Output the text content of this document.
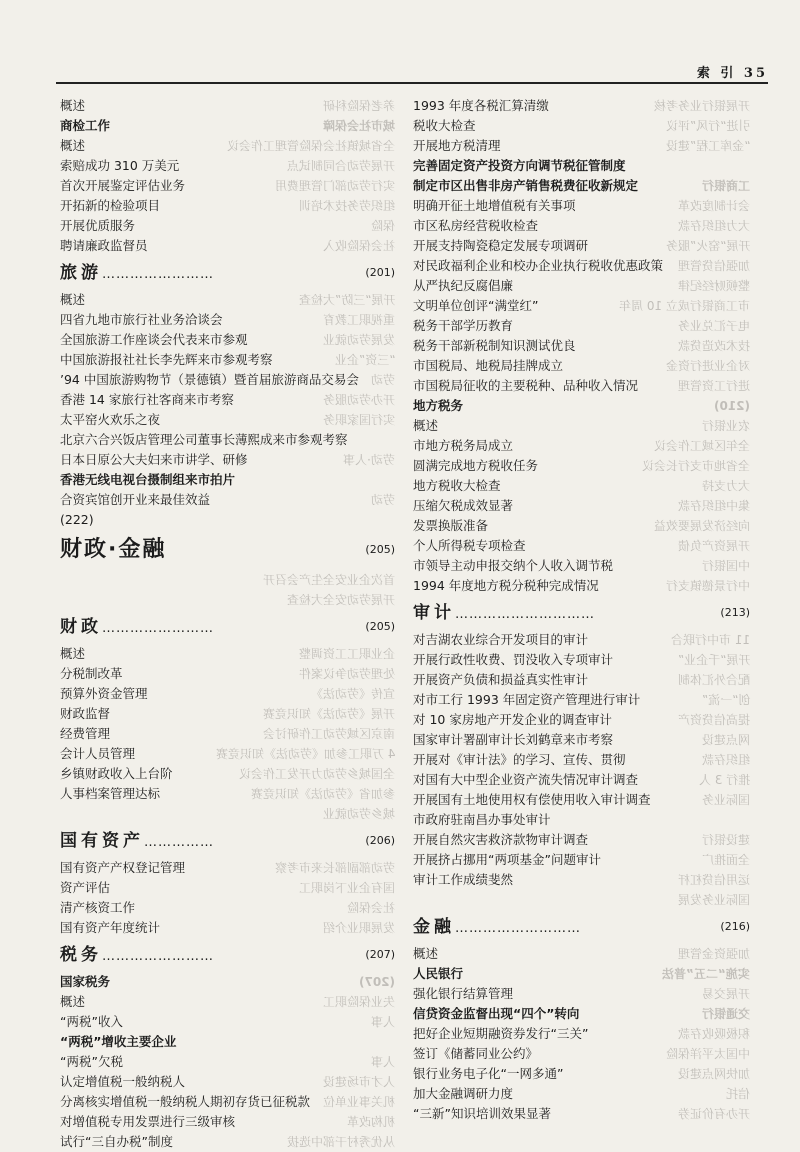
索 引 35
养老保险科研
概述
城市社会保障
商检工作
全省城镇社会保险管理工作会议
概述
开展劳动合同制试点
索赔成功 310 万美元
实行劳动部门管理费用
首次开展鉴定评估业务
组织劳务技术培训
开拓新的检验项目
保险
开展优质服务
社会保险收入
聘请廉政监督员
旅游……………………	(201)
开展“三防”大检查
概述
重视职工教育
四省九地市旅行社业务洽谈会
发展劳动就业
全国旅游工作座谈会代表来市参观
“三资”企业
中国旅游报社社长李先辉来市参观考察
劳动
’94 中国旅游购物节（景德镇）暨首届旅游商品交易会
开办劳动服务
香港 14 家旅行社客商来市考察
实行国家职务
太平窑火欢乐之夜
北京六合兴饭店管理公司董事长薄熙成来市参观考察
劳动·人事
日本日原公大夫妇来市讲学、研修
香港无线电视台摄制组来市拍片
劳动
合资宾馆创开业来最佳效益
(222)
财政·金融	(205)
首次企业安全生产会召开
开展劳动安全大检查
财政……………………	(205)
企业职工工资调整
概述
处理劳动争议案件
分税制改革
宣传《劳动法》
预算外资金管理
开展《劳动法》知识竞赛
财政监督
南京区域劳动工作研讨会
经费管理
4 万职工参加《劳动法》知识竞赛
会计人员管理
全国城乡劳动力开发工作会议
乡镇财政收入上台阶
参加省《劳动法》知识竞赛
人事档案管理达标
城乡劳动就业
国有资产……………	(206)
劳动部副部长来市考察
国有资产产权登记管理
国有企业下岗职工
资产评估
社会保险
清产核资工作
发展职业介绍
国有资产年度统计
税务……………………	(207)
(207)
国家税务
失业保险职工
概述
人事
“两税”收入
“两税”增收主要企业
人事
“两税”欠税
人才市场建设
认定增值税一般纳税人
机关事业单位
分离核实增值税一般纳税人期初存货已征税款
机构改革
对增值税专用发票进行三级审核
从优秀村干部中选拔
试行“三自办税”制度
开展银行业务考核
1993 年度各税汇算清缴
引进“行风”评议
税收大检查
“金库工程”建设
开展地方税清理
完善固定资产投资方向调节税征管制度
工商银行
制定市区出售非房产销售税费征收新规定
会计制度改革
明确开征土地增值税有关事项
大力组织存款
市区私房经营税收检查
开展“窑火”服务
开展支持陶瓷稳定发展专项调研
加强信贷管理
对民政福利企业和校办企业执行税收优惠政策
整顿财经纪律
从严执纪反腐倡廉
市工商银行成立 10 周年
文明单位创评“满堂红”
电子汇兑业务
税务干部学历教育
技术改造贷款
税务干部新税制知识测试优良
对企业进行资金
市国税局、地税局挂牌成立
进行工资管理
市国税局征收的主要税种、品种收入情况
(210)
地方税务
农业银行
概述
全年区域工作会议
市地方税务局成立
全省地市支行长会议
圆满完成地方税收任务
大力支持
地方税收大检查
集中组织存款
压缩欠税成效显著
向经济发展要效益
发票换版准备
开展资产负债
个人所得税专项检查
中国银行
市领导主动申报交纳个人收入调节税
中行景德镇支行
1994 年度地方税分税种完成情况
审计…………………………	(213)
11 市中行联合
对吉湖农业综合开发项目的审计
开展“千企业”
开展行政性收费、罚没收入专项审计
配合外汇体制
开展资产负债和损益真实性审计
创“一流”
对市工行 1993 年固定资产管理进行审计
提高信贷资产
对 10 家房地产开发企业的调查审计
网点建设
国家审计署副审计长刘鹤章来市考察
组织存款
开展对《审计法》的学习、宣传、贯彻
推行 3 人
对国有大中型企业资产流失情况审计调查
国际业务
开展国有土地使用权有偿使用收入审计调查
市政府驻南昌办事处审计
建设银行
开展自然灾害救济款物审计调查
全面推广
开展挤占挪用“两项基金”问题审计
运用信贷杠杆
审计工作成绩斐然
国际业务发展
金融………………………	(216)
加强资金管理
概述
实施“二五”普法
人民银行
开展交易
强化银行结算管理
交通银行
信贷资金监督出现“四个”转向
积极吸收存款
把好企业短期融资券发行“三关”
中国太平洋保险
签订《储蓄同业公约》
加快网点建设
银行业务电子化“一网多通”
信托
加大金融调研力度
开办有价证券
“三新”知识培训效果显著
